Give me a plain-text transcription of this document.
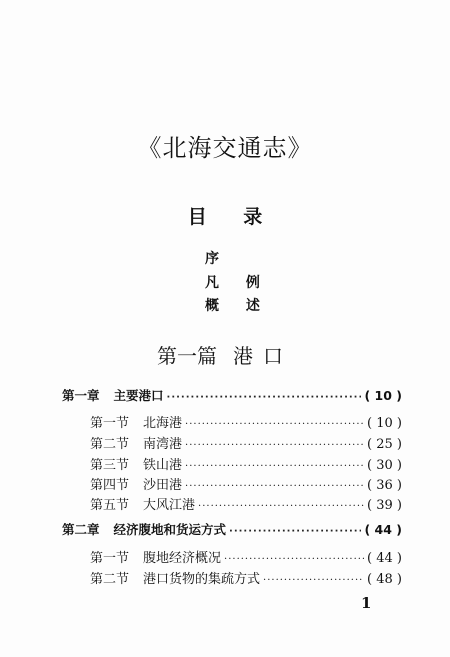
《北海交通志》
目 录
序
凡 例
概 述
第一篇 港口
第一章 主要港口 ·····	( 10 )
第一节 北海港 ·····	( 10 )
第二节 南湾港 ·····	( 25 )
第三节 铁山港 ·····	( 30 )
第四节 沙田港 ·····	( 36 )
第五节 大风江港 ·····	( 39 )
第二章 经济腹地和货运方式 ·····	( 44 )
第一节 腹地经济概况 ·····	( 44 )
第二节 港口货物的集疏方式 ·····	( 48 )
1
